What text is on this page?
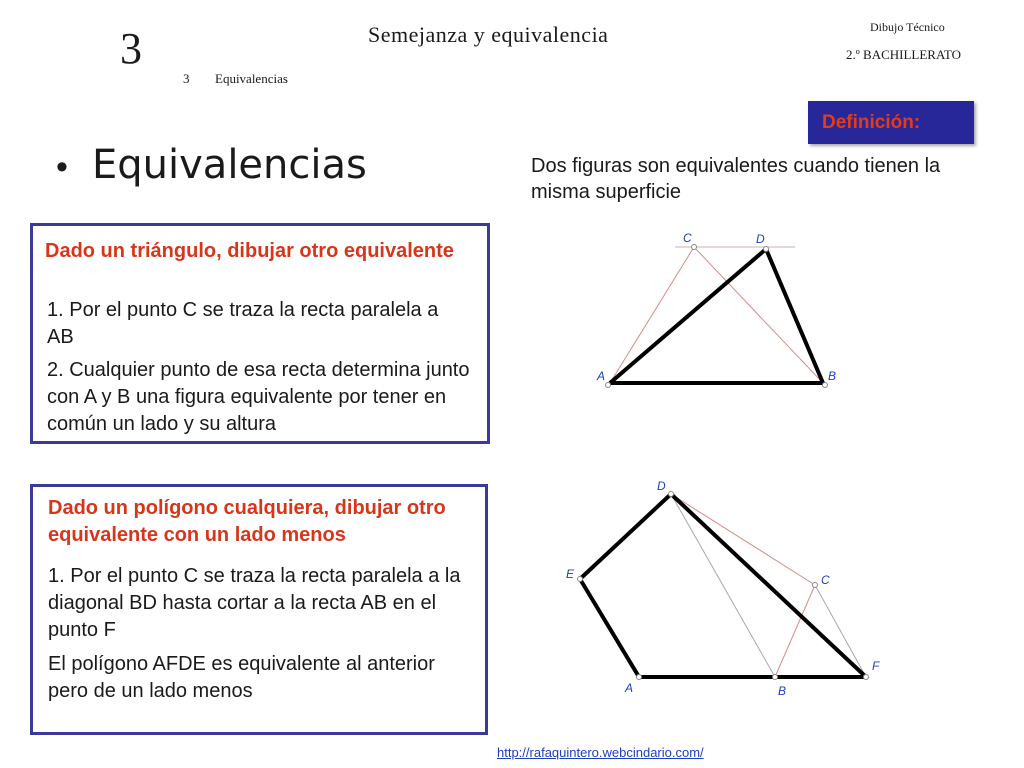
3	Semejanza y equivalencia
3 Equivalencias
Dibujo Técnico
2.º BACHILLERATO
Definición:
• Equivalencias	Dos figuras son equivalentes cuando tienen la misma superficie
Dado un triángulo, dibujar otro equivalente
1. Por el punto C se traza la recta paralela a AB
2. Cualquier punto de esa recta determina junto con A y B una figura equivalente por tener en común un lado y su altura
Dado un polígono cualquiera, dibujar otro equivalente con un lado menos
1. Por el punto C se traza la recta paralela a la diagonal BD hasta cortar a la recta AB en el punto F
El polígono AFDE es equivalente al anterior pero de un lado menos
C	D
A	B
D
E	C
A	B
F
http://rafaquintero.webcindario.com/
